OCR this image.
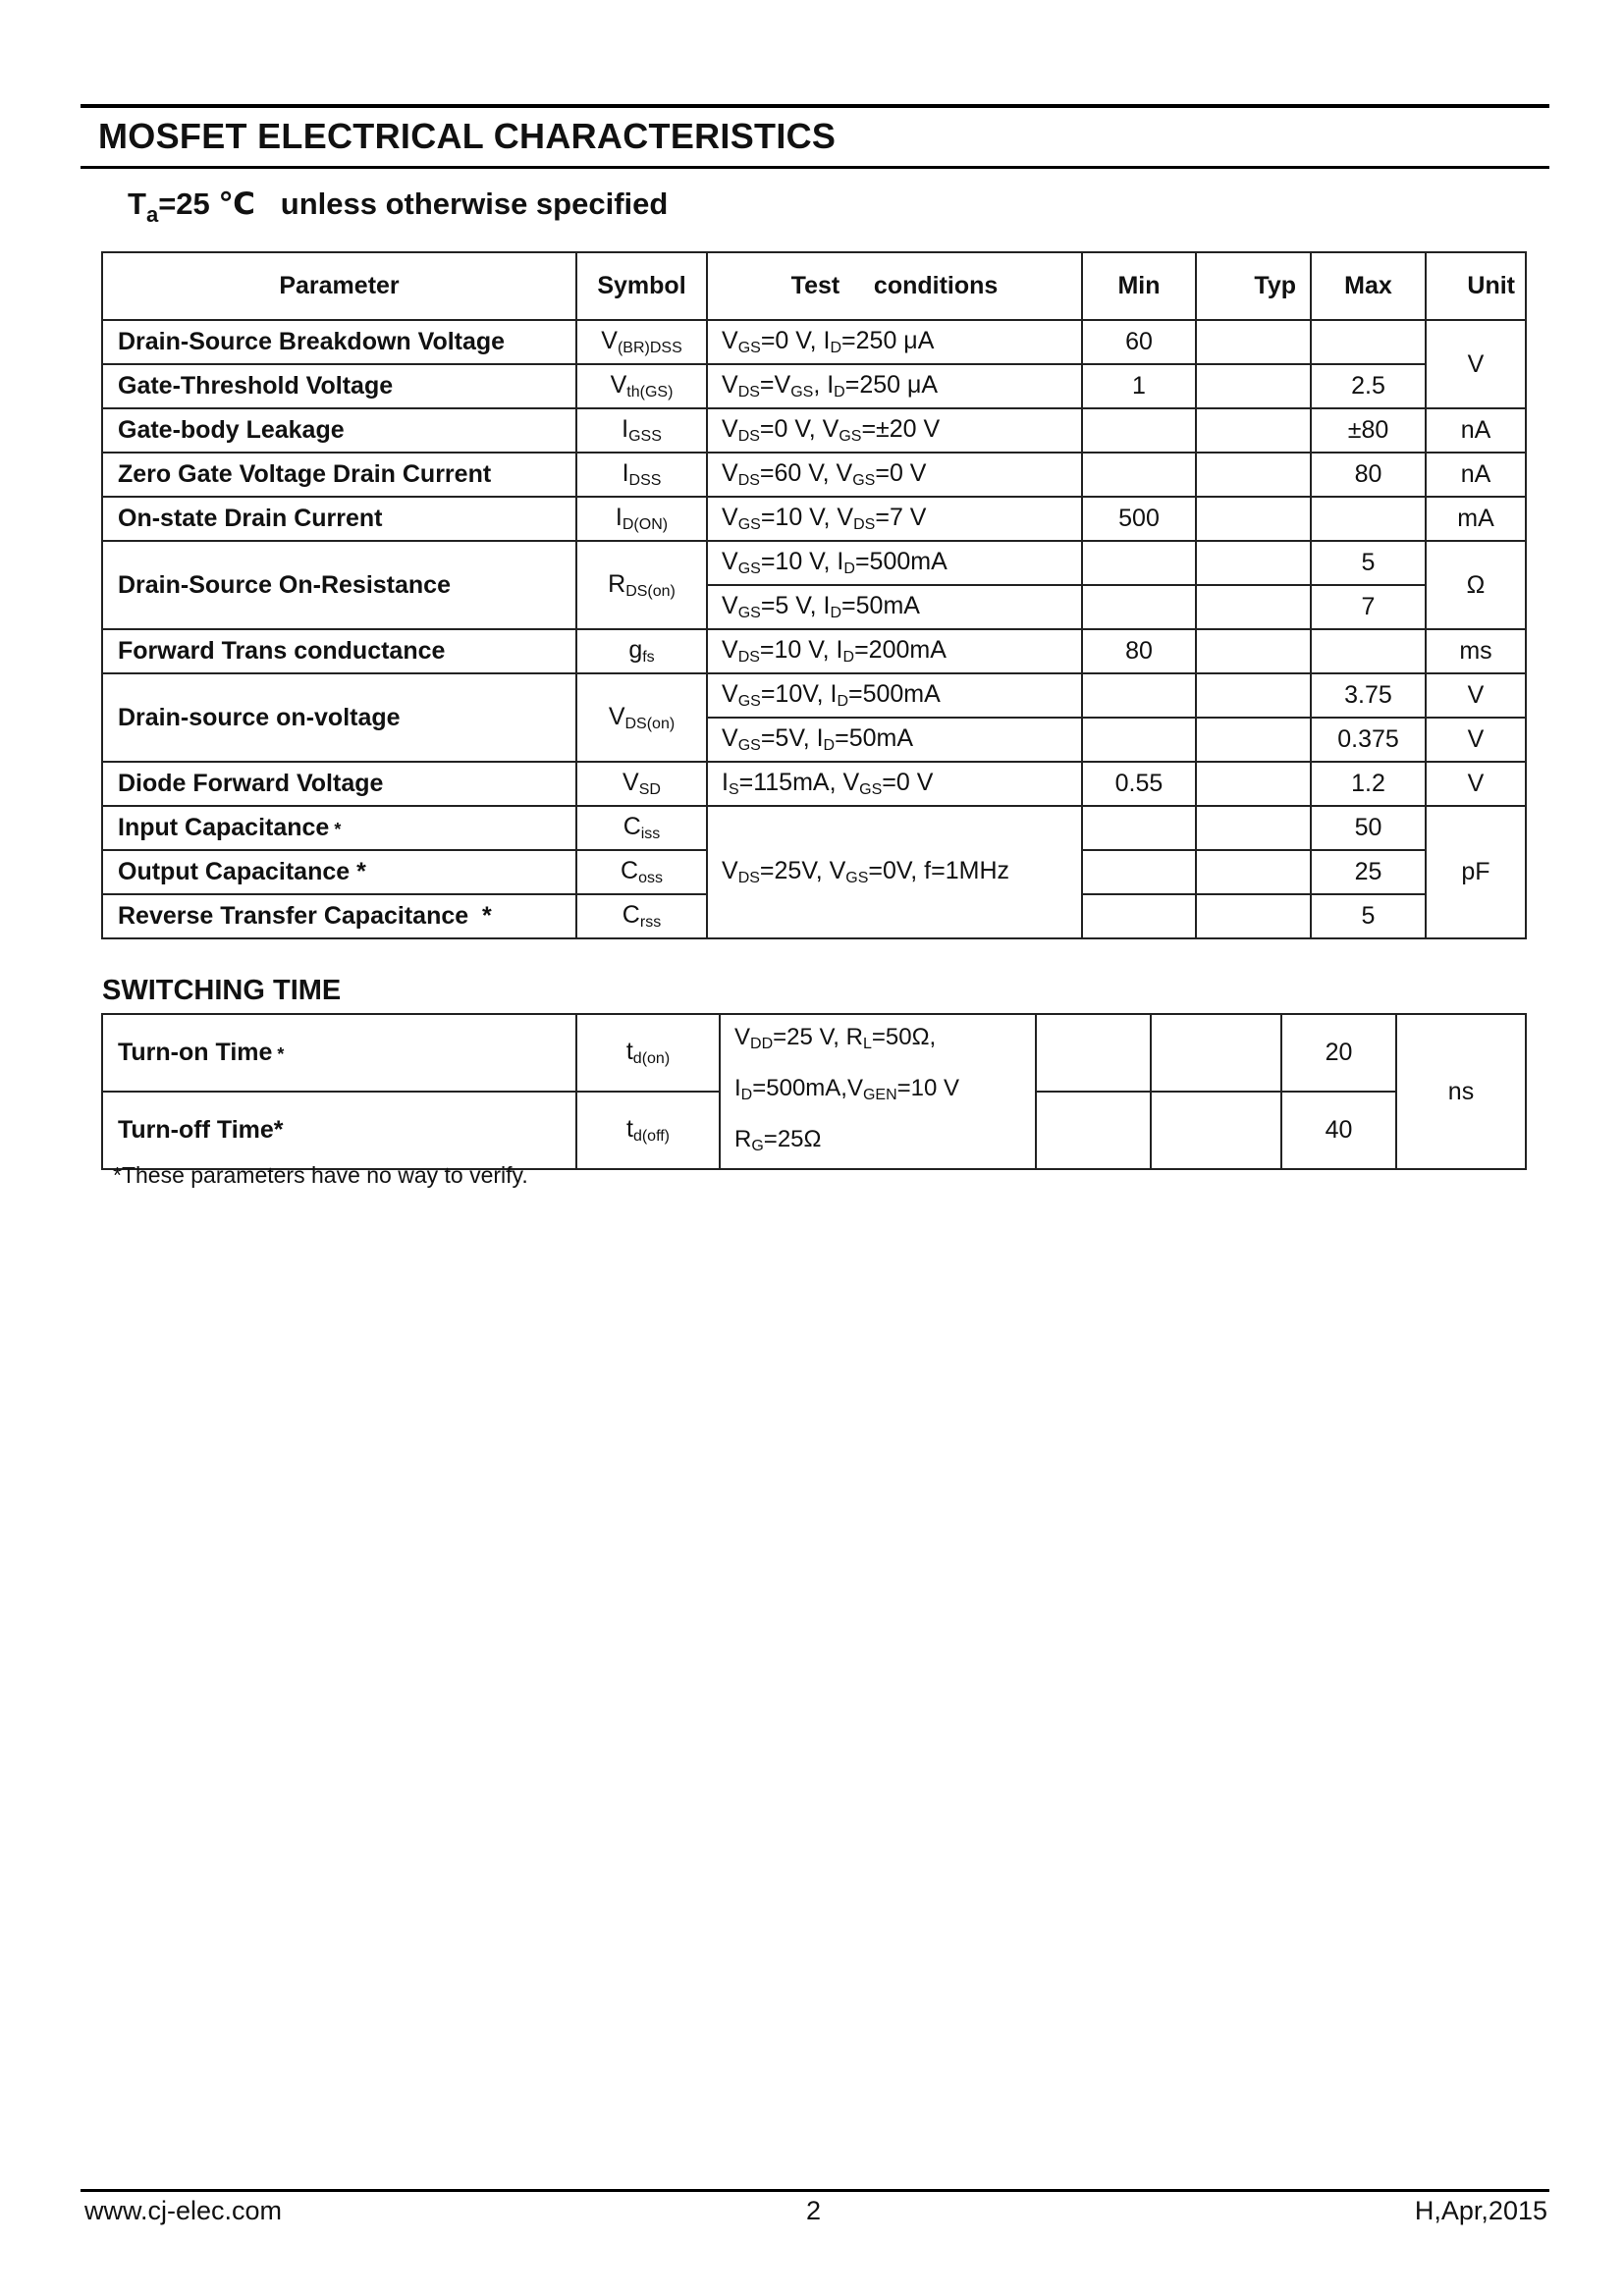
MOSFET ELECTRICAL CHARACTERISTICS
$T_a=25$ ℃ unless otherwise specified
Parameter	Symbol	Test     conditions	Min	Typ	Max	Unit
Drain-Source Breakdown Voltage	$V_{(BR)DSS}$	$V_{GS}=0$ V, $I_D=250$ μA	60			V
Gate-Threshold Voltage	$V_{th(GS)}$	$V_{DS}=V_{GS}$, $I_D=250$ μA	1		2.5	
Gate-body Leakage	$I_{GSS}$	$V_{DS}=0$ V, $V_{GS}=\pm 20$ V			±80	nA
Zero Gate Voltage Drain Current	$I_{DSS}$	$V_{DS}=60$ V, $V_{GS}=0$ V			80	nA
On-state Drain Current	$I_{D(ON)}$	$V_{GS}=10$ V, $V_{DS}=7$ V	500			mA
Drain-Source On-Resistance	$R_{DS(on)}$	$V_{GS}=10$ V, $I_D=500mA$			5	Ω
		$V_{GS}=5$ V, $I_D=50mA$			7	
Forward Trans conductance	$g_{fs}$	$V_{DS}=10$ V, $I_D=200mA$	80			ms
Drain-source on-voltage	$V_{DS(on)}$	$V_{GS}=10V$, $I_D=500mA$			3.75	V
		$V_{GS}=5V$, $I_D=50mA$			0.375	V
Diode Forward Voltage	$V_{SD}$	$I_S=115mA$, $V_{GS}=0$ V	0.55		1.2	V
Input Capacitance *	$C_{iss}$	$V_{DS}=25V$, $V_{GS}=0V$, f=1MHz			50	pF
Output Capacitance *	$C_{oss}$				25	
Reverse Transfer Capacitance  *	$C_{rss}$				5	
SWITCHING TIME
Turn-on Time *	$t_{d(on)}$	$V_{DD}=25$ V, $R_L=50\Omega$,
$I_D=500mA,V_{GEN}=10$ V
$R_G=25\Omega$			20	ns
Turn-off Time*	$t_{d(off)}$				40	
*These parameters have no way to verify.
www.cj-elec.com	2	H,Apr,2015
